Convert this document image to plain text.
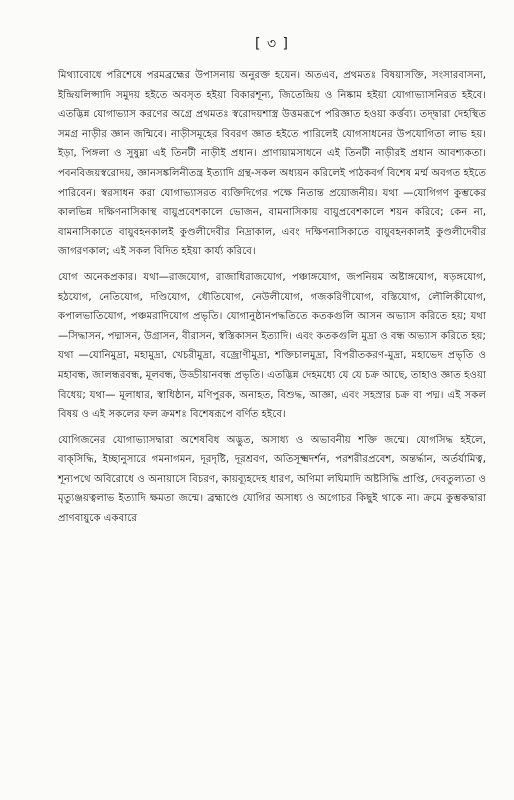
[ ৩ ]

মিথ্যাবোধে পরিশেষে পরমব্রহ্মের উপাসনায় অনুরক্ত হয়েন। অতএব, প্রথমতঃ বিষয়াসক্তি, সংসারবাসনা, ইন্দ্রিয়লিপ্সাদি সমুদয় হইতে অবসৃত হইয়া বিকারশূন্য, জিতেন্দ্রিয় ও নিষ্কাম হইয়া যোগাভ্যাসনিরত হইবে। এতদ্ভিন্ন যোগাভ্যাস করণের অগ্রে প্রথমতঃ স্বরোদয়শাস্ত্র উত্তমরূপে পরিজ্ঞাত হওয়া কর্ত্তব্য। তদ্দ্বারা দেহস্থিত সমগ্র নাড়ীর জ্ঞান জন্মিবে। নাড়ীসমূহের বিবরণ জ্ঞাত হইতে পারিলেই যোগসাধনের উপযোগিতা লাভ হয়। ইড়া, পিঙ্গলা ও সুষুম্না এই তিনটী নাড়ীই প্রধান। প্রাণায়ামসাধনে এই তিনটী নাড়ীরই প্রধান আবশ্যকতা। পবনবিজয়স্বরোদয়, জ্ঞানসঙ্কলিনীতন্ত্র ইত্যাদি গ্রন্থ-সকল অধ্যয়ন করিলেই পাঠকবর্গ বিশেষ মর্ম্ম অবগত হইতে পারিবেন। স্বরসাধন করা যোগাভ্যাসরত ব্যক্তিদিগের পক্ষে নিতান্ত প্রয়োজনীয়। যথা —যোগিগণ কুম্ভকের কালভিন্ন দক্ষিণনাসিকাস্থ বায়ুপ্রবেশকালে ভোজন, বামনাসিকায় বায়ুপ্রবেশকালে শয়ন করিবে; কেন না, বামনাসিকাতে বায়ুবহনকালই কুণ্ডলীদেবীর নিদ্রাকাল, এবং দক্ষিণনাসিকাতে বায়ুবহনকালই কুণ্ডলীদেবীর জাগরণকাল; এই সকল বিদিত হইয়া কার্য্য করিবে।

যোগ অনেকপ্রকার। যথা—রাজযোগ, রাজাধিরাজযোগ, পঞ্চাঙ্গযোগ, জপনিয়ম অষ্টাঙ্গযোগ, ষড়ঙ্গযোগ, হঠযোগ, নেতিযোগ, দণ্ডিযোগ, ধৌতিযোগ, নেউলীযোগ, গজকরিণীযোগ, বস্তিযোগ, লৌলিকীযোগ, কপালভাতিযোগ, পঞ্চমরাদিযোগ প্রভৃতি। যোগানুষ্ঠানপদ্ধতিতে কতকগুলি আসন অভ্যাস করিতে হয়; যথা—সিদ্ধাসন, পদ্মাসন, উগ্রাসন, বীরাসন, স্বস্তিকাসন ইত্যাদি। এবং কতকগুলি মুদ্রা ও বন্ধ অভ্যাস করিতে হয়; যথা —যোনিমুদ্রা, মহামুদ্রা, খেচরীমুদ্রা, বজ্রোণীমুদ্রা, শক্তিচালমুদ্রা, বিপরীতকরণ-মুদ্রা, মহাভেদ প্রভৃতি ও মহাবন্ধ, জালন্ধরবন্ধ, মূলবন্ধ, উড্ডীয়ানবন্ধ প্রভৃতি। এতদ্ভিন্ন দেহমধ্যে যে যে চক্র আছে, তাহাও জ্ঞাত হওয়া বিধেয়; যথা— মূলাধার, স্বাধিষ্ঠান, মণিপুরক, অনাহত, বিশুদ্ধ, আজ্ঞা, এবং সহস্রার চক্র বা পদ্ম। এই সকল বিষয় ও এই সকলের ফল ক্রমশঃ বিশেষরূপে বর্ণিত হইবে।

যোগিজনের যোগাভ্যাসদ্বারা অশেষবিধ অদ্ভুত, অসাধ্য ও অভাবনীয় শক্তি জন্মে। যোগসিদ্ধ হইলে, বাক্‌সিদ্ধি, ইচ্ছানুসারে গমনাগমন, দূরদৃষ্টি, দূরশ্রবণ, অতিসূক্ষ্মদর্শন, পরশরীরপ্রবেশ, অন্তর্দ্ধান, অর্তর্যামিত্ব, শূন্যপথে অবিরোধে ও অনায়াসে বিচরণ, কায়ব্যূহদেহ ধারণ, অণিমা লঘিমাদি অষ্টসিদ্ধি প্রাপ্তি, দেবতুল্যতা ও মৃত্যুঞ্জয়ত্বলাভ ইত্যাদি ক্ষমতা জন্মে। ব্রহ্মাণ্ডে যোগির অসাধ্য ও অগোচর কিছুই থাকে না। ক্রমে কুম্ভকদ্বারা প্রাণবায়ুকে একবারে
